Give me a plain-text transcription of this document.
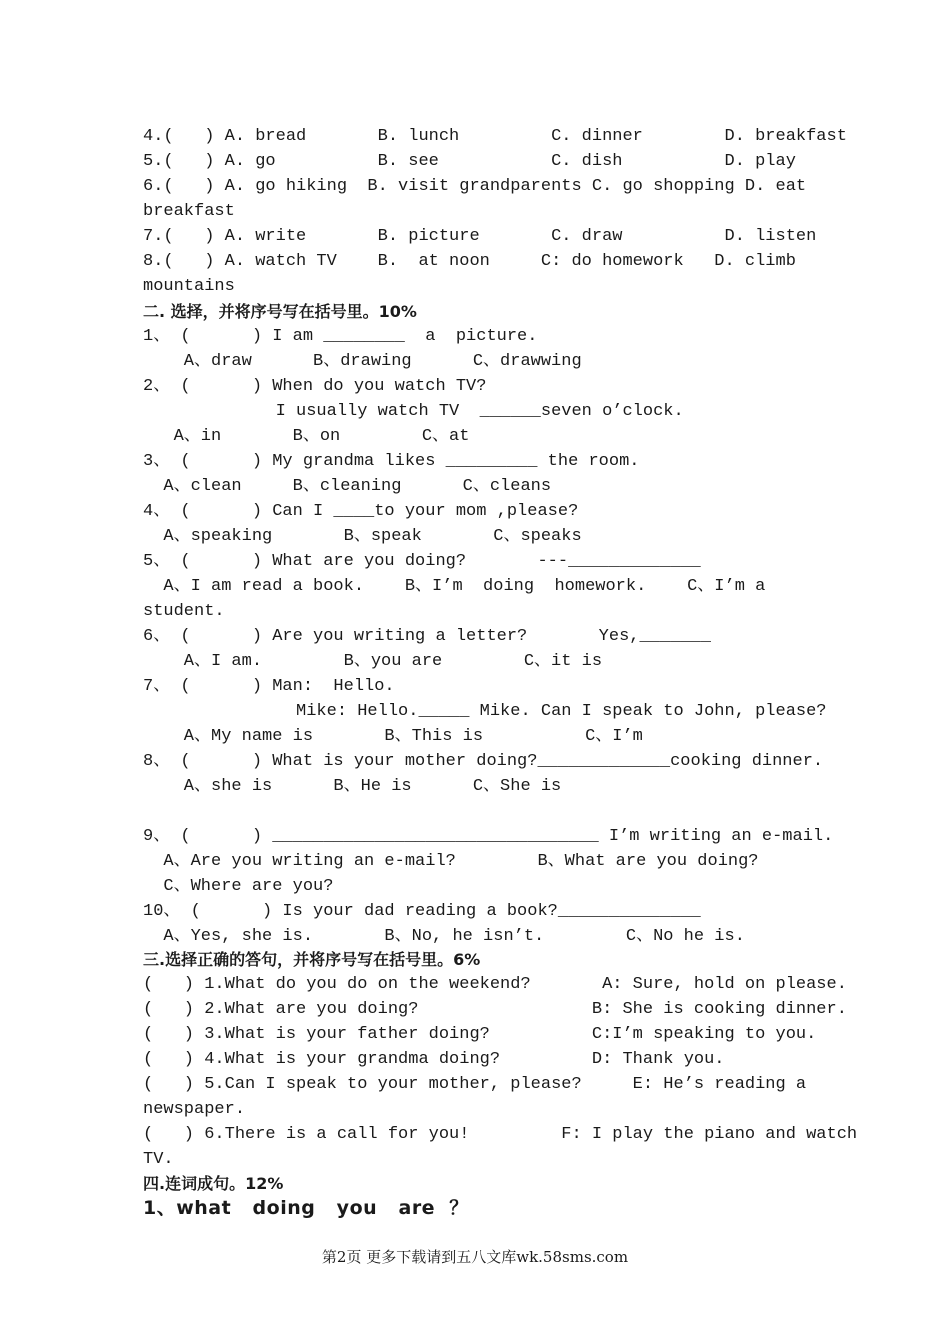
4.(   ) A. bread       B. lunch         C. dinner        D. breakfast
5.(   ) A. go          B. see           C. dish          D. play
6.(   ) A. go hiking  B. visit grandparents C. go shopping D. eat
breakfast
7.(   ) A. write       B. picture       C. draw          D. listen
8.(   ) A. watch TV    B.  at noon     C: do homework   D. climb
mountains
二. 选择，并将序号写在括号里。10%
1、 (      ) I am ________  a  picture.
A、draw      B、drawing      C、drawwing
2、 (      ) When do you watch TV?
I usually watch TV  ______seven o’clock.
A、in       B、on        C、at
3、 (      ) My grandma likes _________ the room.
A、clean     B、cleaning      C、cleans
4、 (      ) Can I ____to your mom ,please?
A、speaking       B、speak       C、speaks
5、 (      ) What are you doing?       ---_____________
A、I am read a book.    B、I’m  doing  homework.    C、I’m a
student.
6、 (      ) Are you writing a letter?       Yes,_______
A、I am.        B、you are        C、it is
7、 (      ) Man:  Hello.
Mike: Hello._____ Mike. Can I speak to John, please?
A、My name is       B、This is          C、I’m
8、 (      ) What is your mother doing?_____________cooking dinner.
A、she is      B、He is      C、She is
9、 (      ) ________________________________ I’m writing an e-mail.
A、Are you writing an e-mail?        B、What are you doing?
C、Where are you?
10、 (      ) Is your dad reading a book?______________
A、Yes, she is.       B、No, he isn’t.        C、No he is.
三.选择正确的答句，并将序号写在括号里。6%
(   ) 1.What do you do on the weekend?       A: Sure, hold on please.
(   ) 2.What are you doing?                 B: She is cooking dinner.
(   ) 3.What is your father doing?          C:I’m speaking to you.
(   ) 4.What is your grandma doing?         D: Thank you.
(   ) 5.Can I speak to your mother, please?     E: He’s reading a
newspaper.
(   ) 6.There is a call for you!         F: I play the piano and watch
TV.
四.连词成句。12%
1、what   doing   you   are  ？
第2页 更多下载请到五八文库wk.58sms.com
